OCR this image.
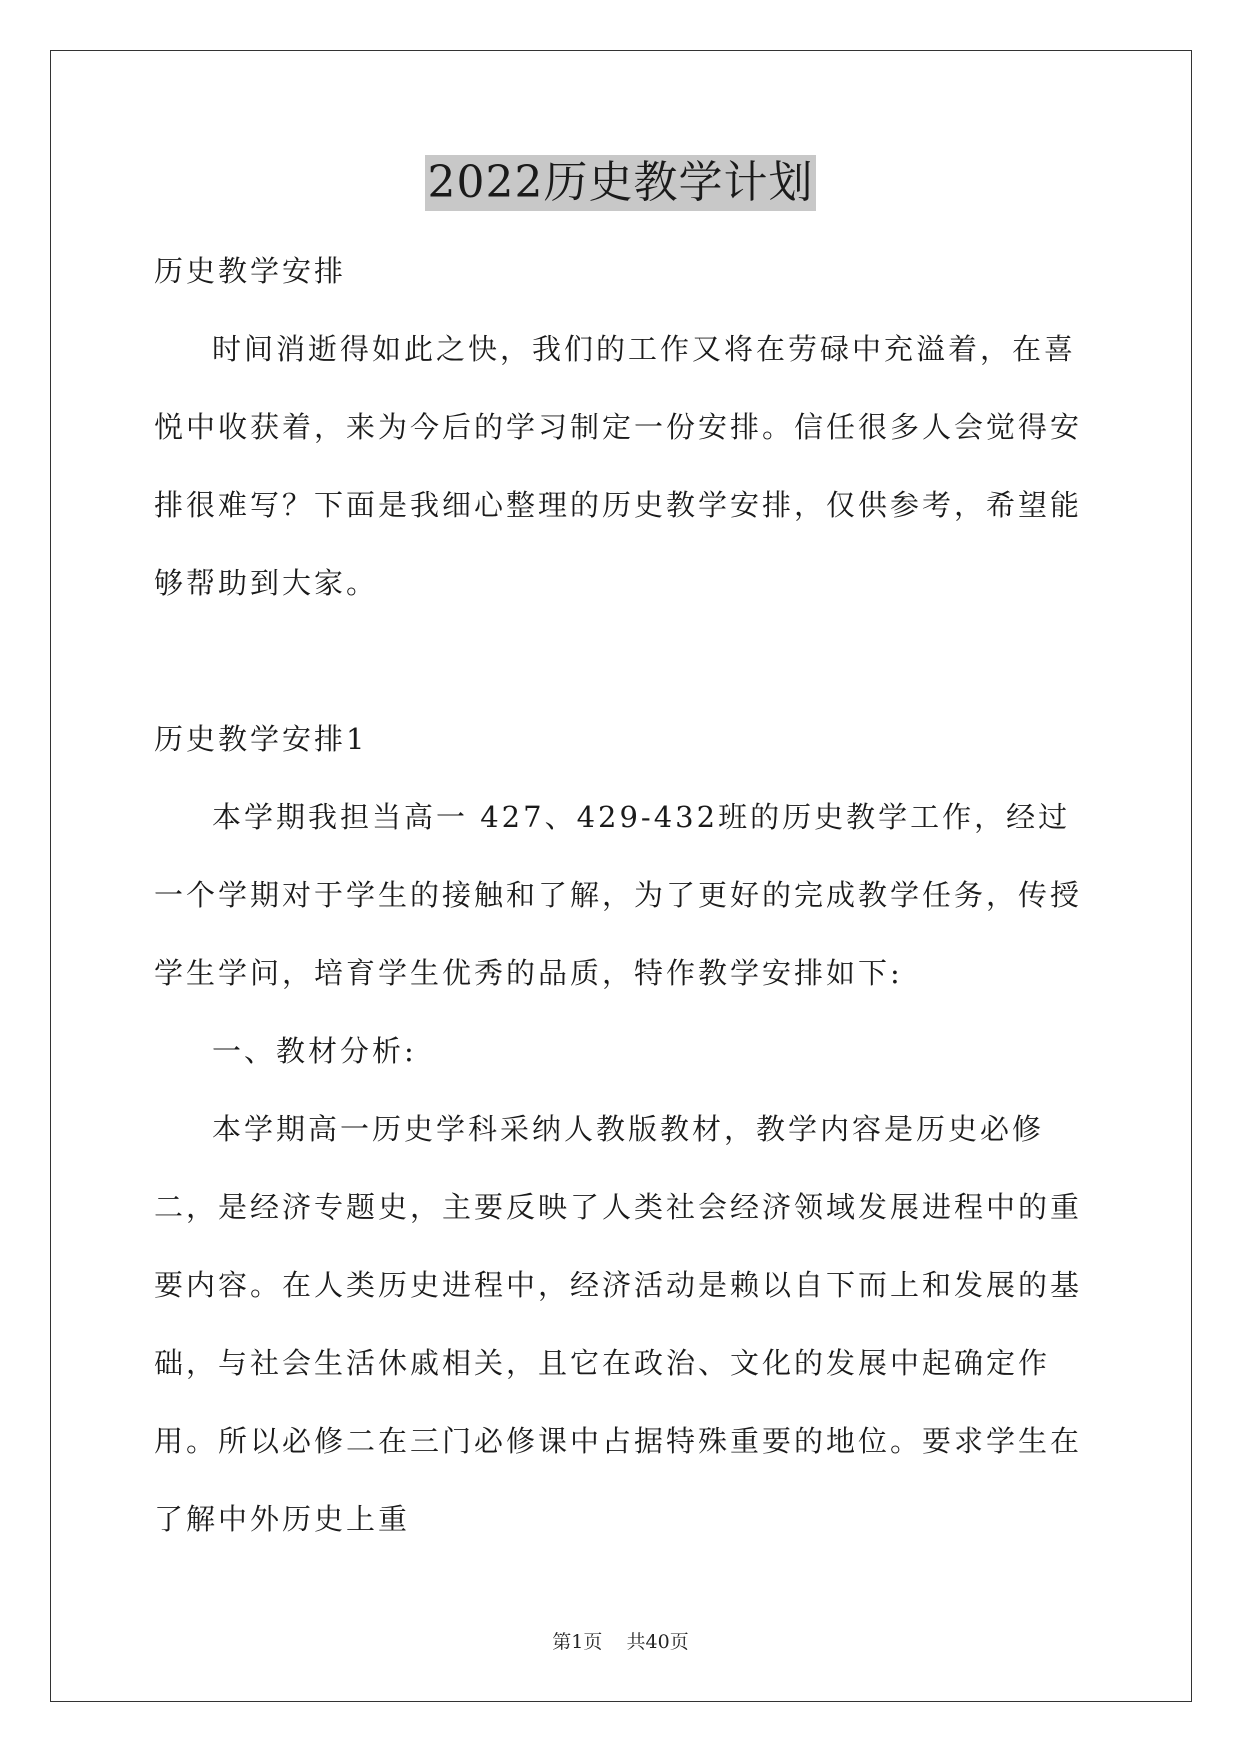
2022历史教学计划

历史教学安排

时间消逝得如此之快，我们的工作又将在劳碌中充溢着，在喜悦中收获着，来为今后的学习制定一份安排。信任很多人会觉得安排很难写？下面是我细心整理的历史教学安排，仅供参考，希望能够帮助到大家。

历史教学安排1

本学期我担当高一 427、429-432班的历史教学工作，经过一个学期对于学生的接触和了解，为了更好的完成教学任务，传授学生学问，培育学生优秀的品质，特作教学安排如下:

一、教材分析:

本学期高一历史学科采纳人教版教材，教学内容是历史必修二，是经济专题史，主要反映了人类社会经济领域发展进程中的重要内容。在人类历史进程中，经济活动是赖以自下而上和发展的基础，与社会生活休戚相关，且它在政治、文化的发展中起确定作用。所以必修二在三门必修课中占据特殊重要的地位。要求学生在了解中外历史上重

第1页 共40页
